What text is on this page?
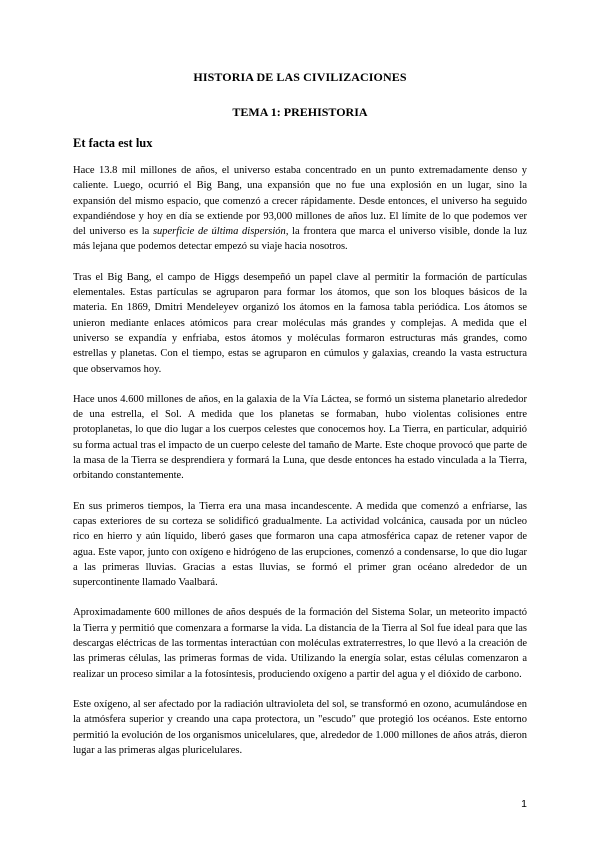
HISTORIA DE LAS CIVILIZACIONES
TEMA 1: PREHISTORIA
Et facta est lux

Hace 13.8 mil millones de años, el universo estaba concentrado en un punto extremadamente denso y caliente. Luego, ocurrió el Big Bang, una expansión que no fue una explosión en un lugar, sino la expansión del mismo espacio, que comenzó a crecer rápidamente. Desde entonces, el universo ha seguido expandiéndose y hoy en día se extiende por 93,000 millones de años luz. El límite de lo que podemos ver del universo es la superficie de última dispersión, la frontera que marca el universo visible, donde la luz más lejana que podemos detectar empezó su viaje hacia nosotros.

Tras el Big Bang, el campo de Higgs desempeñó un papel clave al permitir la formación de partículas elementales. Estas partículas se agruparon para formar los átomos, que son los bloques básicos de la materia. En 1869, Dmitri Mendeleyev organizó los átomos en la famosa tabla periódica. Los átomos se unieron mediante enlaces atómicos para crear moléculas más grandes y complejas. A medida que el universo se expandía y enfriaba, estos átomos y moléculas formaron estructuras más grandes, como estrellas y planetas. Con el tiempo, estas se agruparon en cúmulos y galaxias, creando la vasta estructura que observamos hoy.

Hace unos 4.600 millones de años, en la galaxia de la Vía Láctea, se formó un sistema planetario alrededor de una estrella, el Sol. A medida que los planetas se formaban, hubo violentas colisiones entre protoplanetas, lo que dio lugar a los cuerpos celestes que conocemos hoy. La Tierra, en particular, adquirió su forma actual tras el impacto de un cuerpo celeste del tamaño de Marte. Este choque provocó que parte de la masa de la Tierra se desprendiera y formará la Luna, que desde entonces ha estado vinculada a la Tierra, orbitando constantemente.

En sus primeros tiempos, la Tierra era una masa incandescente. A medida que comenzó a enfriarse, las capas exteriores de su corteza se solidificó gradualmente. La actividad volcánica, causada por un núcleo rico en hierro y aún líquido, liberó gases que formaron una capa atmosférica capaz de retener vapor de agua. Este vapor, junto con oxígeno e hidrógeno de las erupciones, comenzó a condensarse, lo que dio lugar a las primeras lluvias. Gracias a estas lluvias, se formó el primer gran océano alrededor de un supercontinente llamado Vaalbará.

Aproximadamente 600 millones de años después de la formación del Sistema Solar, un meteorito impactó la Tierra y permitió que comenzara a formarse la vida. La distancia de la Tierra al Sol fue ideal para que las descargas eléctricas de las tormentas interactúan con moléculas extraterrestres, lo que llevó a la creación de las primeras células, las primeras formas de vida. Utilizando la energía solar, estas células comenzaron a realizar un proceso similar a la fotosíntesis, produciendo oxígeno a partir del agua y el dióxido de carbono.

Este oxígeno, al ser afectado por la radiación ultravioleta del sol, se transformó en ozono, acumulándose en la atmósfera superior y creando una capa protectora, un "escudo" que protegió los océanos. Este entorno permitió la evolución de los organismos unicelulares, que, alrededor de 1.000 millones de años atrás, dieron lugar a las primeras algas pluricelulares.

1
